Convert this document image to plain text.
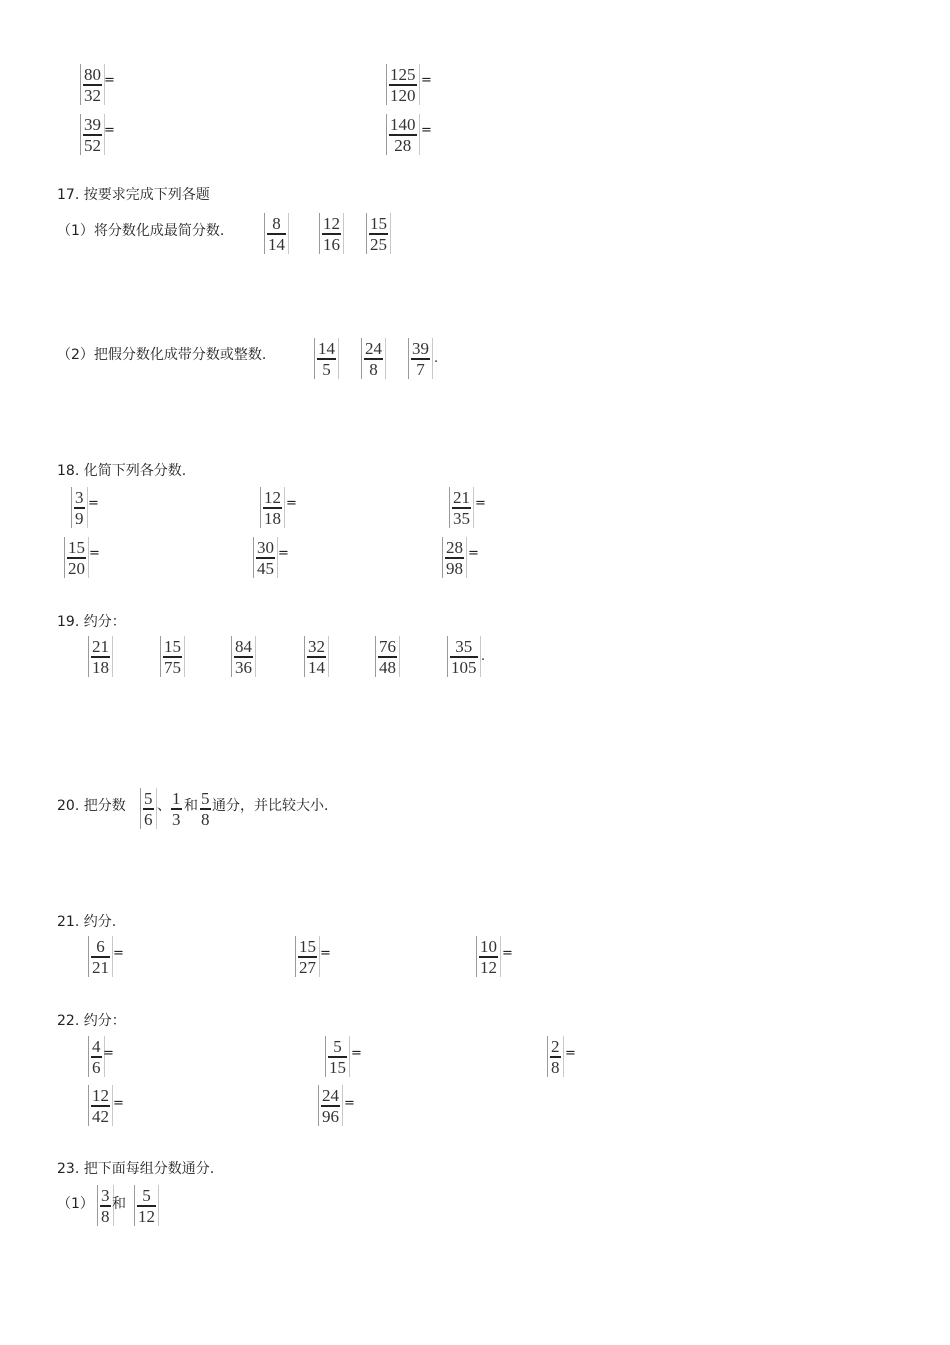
80
32
=	125
120
=
39
52
=	140
28
=
17. 按要求完成下列各题
（1）将分数化成最简分数.	8
14
12
16
15
25
（2）把假分数化成带分数或整数.	14
5
24
8
39
7
.
18. 化简下列各分数.
3
9
=	12
18
=	21
35
=
15
20
=	30
45
=	28
98
=
19. 约分：
21
18
15
75
84
36
32
14
76
48
35
105
.
20. 把分数 5
6
、 1
3
和 5
8
通分，并比较大小.
21. 约分.
6
21
=	15
27
=	10
12
=
22. 约分：
4
6
=	5
15
=	2
8
=
12
42
=	24
96
=
23. 把下面每组分数通分.
（1） 3
8
和 5
12
